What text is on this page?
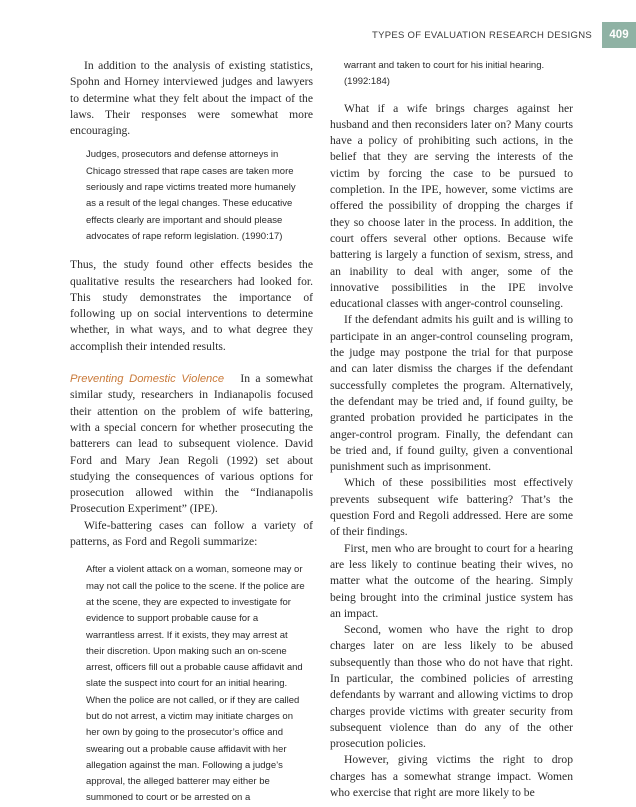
TYPES OF EVALUATION RESEARCH DESIGNS	409

In addition to the analysis of existing statistics, Spohn and Horney interviewed judges and lawyers to determine what they felt about the impact of the laws. Their responses were somewhat more encouraging.

Judges, prosecutors and defense attorneys in Chicago stressed that rape cases are taken more seriously and rape victims treated more humanely as a result of the legal changes. These educative effects clearly are important and should please advocates of rape reform legislation. (1990:17)

Thus, the study found other effects besides the qualitative results the researchers had looked for. This study demonstrates the importance of following up on social interventions to determine whether, in what ways, and to what degree they accomplish their intended results.

Preventing Domestic Violence In a somewhat similar study, researchers in Indianapolis focused their attention on the problem of wife battering, with a special concern for whether prosecuting the batterers can lead to subsequent violence. David Ford and Mary Jean Regoli (1992) set about studying the consequences of various options for prosecution allowed within the “Indianapolis Prosecution Experiment” (IPE).

Wife-battering cases can follow a variety of patterns, as Ford and Regoli summarize:

After a violent attack on a woman, someone may or may not call the police to the scene. If the police are at the scene, they are expected to investigate for evidence to support probable cause for a warrantless arrest. If it exists, they may arrest at their discretion. Upon making such an on-scene arrest, officers fill out a probable cause affidavit and slate the suspect into court for an initial hearing. When the police are not called, or if they are called but do not arrest, a victim may initiate charges on her own by going to the prosecutor’s office and swearing out a probable cause affidavit with her allegation against the man. Following a judge’s approval, the alleged batterer may either be summoned to court or be arrested on a
warrant and taken to court for his initial hearing. (1992:184)

What if a wife brings charges against her husband and then reconsiders later on? Many courts have a policy of prohibiting such actions, in the belief that they are serving the interests of the victim by forcing the case to be pursued to completion. In the IPE, however, some victims are offered the possibility of dropping the charges if they so choose later in the process. In addition, the court offers several other options. Because wife battering is largely a function of sexism, stress, and an inability to deal with anger, some of the innovative possibilities in the IPE involve educational classes with anger-control counseling.

If the defendant admits his guilt and is willing to participate in an anger-control counseling program, the judge may postpone the trial for that purpose and can later dismiss the charges if the defendant successfully completes the program. Alternatively, the defendant may be tried and, if found guilty, be granted probation provided he participates in the anger-control program. Finally, the defendant can be tried and, if found guilty, given a conventional punishment such as imprisonment.

Which of these possibilities most effectively prevents subsequent wife battering? That’s the question Ford and Regoli addressed. Here are some of their findings.

First, men who are brought to court for a hearing are less likely to continue beating their wives, no matter what the outcome of the hearing. Simply being brought into the criminal justice system has an impact.

Second, women who have the right to drop charges later on are less likely to be abused subsequently than those who do not have that right. In particular, the combined policies of arresting defendants by warrant and allowing victims to drop charges provide victims with greater security from subsequent violence than do any of the other prosecution policies.

However, giving victims the right to drop charges has a somewhat strange impact. Women who exercise that right are more likely to be
